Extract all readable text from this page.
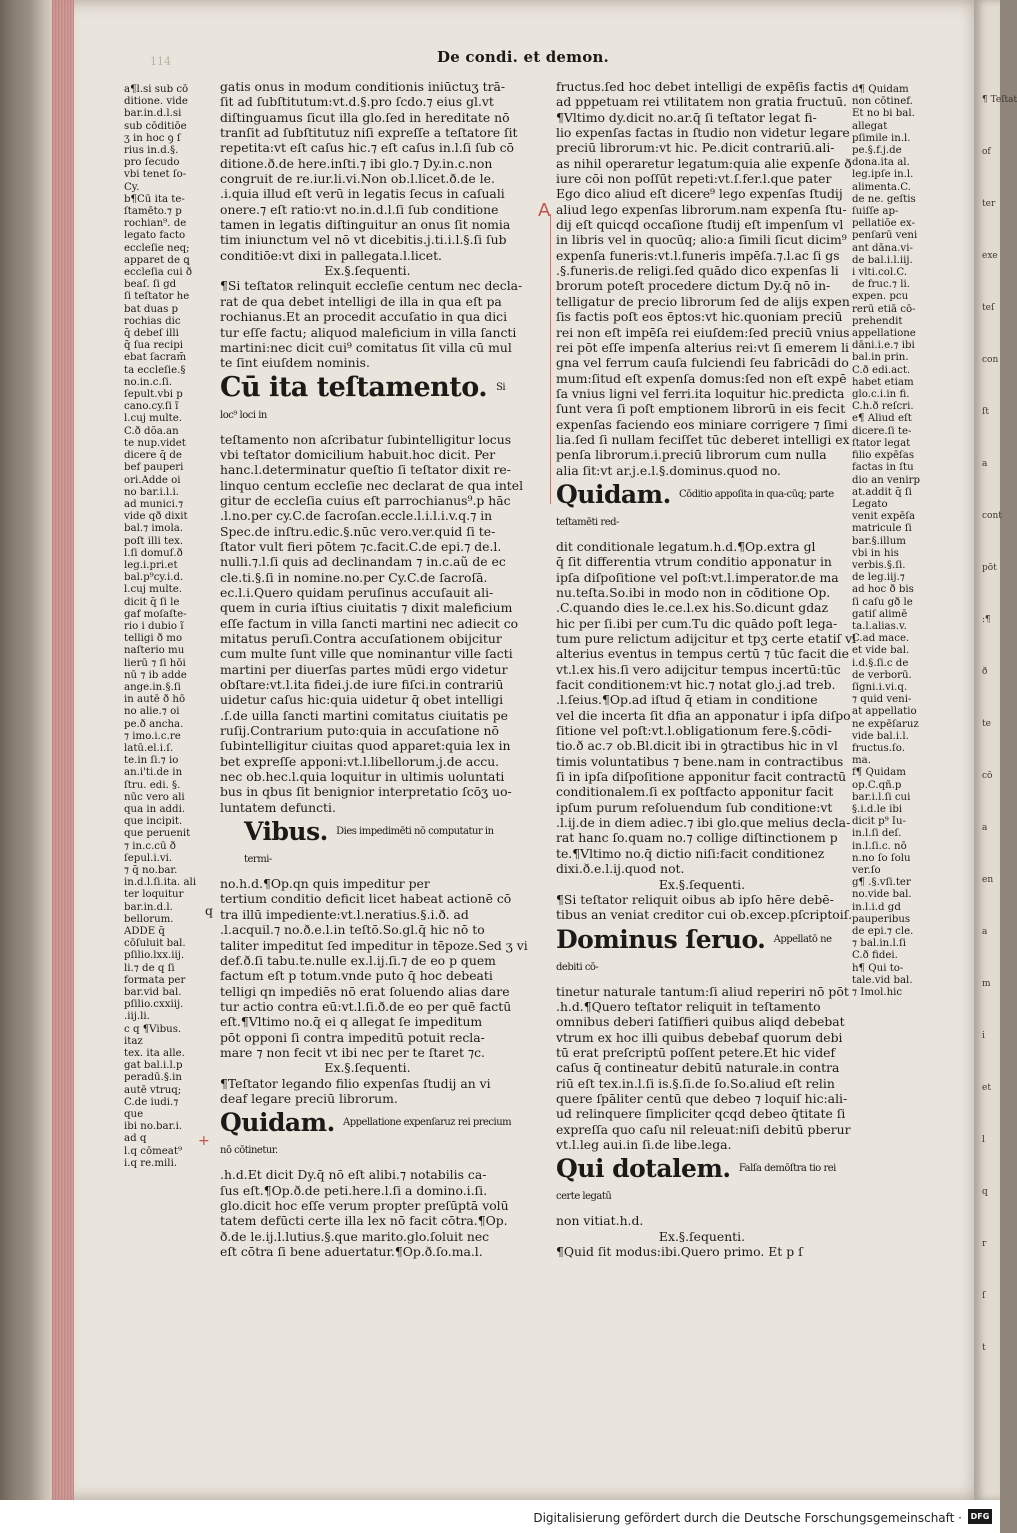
¶ Teſtat
of
ter
exe
teſ
con
ſt
a
cont
pōt
:¶
ð
te
cō
a
en
a
m
i
et
l
q
r
ſ
t
114	De condi. et demon.
a¶l.si sub cō
ditione. vide
bar.in.d.l.si
sub cōditiōe
ʒ in hoc ꝯ ſ
rius in.d.§.
pro ſecudo
vbi tenet ſo-
Cy.
b¶Cū ita te-
ſtamēto.⁊ p
rochian⁹. de
legato facto
eccleſie neq;
apparet de ꝗ
eccleſia cui ð
beaſ. ſi gd
ſi teſtator he
bat duas p
rochias dic
q̄ debeſ illi
q̄ ſua recipi
ebat ſacram̄
ta eccleſie.§
no.in.c.ſi.
ſepult.vbi p
cano.cy.ſi ĩ
l.cuj multe.
C.ð dõa.an
te nup.videt
dicere q̄ de
bef pauperi
ori.Adde oi
no bar.i.l.i.
ad munici.⁊
vide qð dixit
bal.⁊ imola.
poſt illi tex.
l.ſi domuſ.ð
leg.i.pri.et
bal.p⁹cy.i.d.
l.cuj multe.
dicit q̄ ſi le
gaf moſaſte-
rio i dubio ĩ
telligi ð mo
naſterio mu
lierū ⁊ ſi hōi
nū ⁊ ib adde
ange.in.§.ſi
in autē ð hō
no alie.⁊ oi
pe.ð ancha.
⁊ imo.i.c.re
latū.el.i.ſ.
te.in ſi.⁊ io
an.i'ti.de in
ſtru. edi. §.
nūc vero ali
qua in addi.
que incipit.
que peruenit
⁊ in.c.cū ð
ſepul.i.vi.
⁊ q̄ no.bar.
in.d.l.ſi.ita. ali
ter loquitur
bar.in.d.l.
bellorum.
ADDE q̄
cōſuluit bal.
pſilio.lxx.iij.
li.⁊ de q ſi
formata per
bar.vid bal.
pſilio.cxxiij.
.iij.li.
c q ¶Vibus.
itaz
tex. ita alle.
gat bal.i.l.p
peradū.§.in
autē vtruq;
C.de iudi.⁊
que
ibi no.bar.i.
ad q
l.q cōmeat⁹
i.q re.mili.
gatis onus in modum conditionis iniūctuʒ trā-
ſit ad ſubſtitutum:vt.d.§.pro ſcdo.⁊ eius gl.vt
diſtinguamus ſicut illa glo.ſed in hereditate nō
tranſit ad ſubſtitutuz niſi expreſſe a teſtatore ſit
repetita:vt eſt caſus hic.⁊ eſt caſus in.l.ſi ſub cō
ditione.ð.de here.inſti.⁊ ibi glo.⁊ Dy.in.c.non
congruit de re.iur.li.vi.Non ob.l.licet.ð.de le.
.i.quia illud eſt verū in legatis ſecus in caſuali
onere.⁊ eſt ratio:vt no.in.d.l.ſi ſub conditione
tamen in legatis diſtinguitur an onus ſit nomia
tim iniunctum vel nō vt dicebitis.j.ti.i.l.§.ſi ſub
conditiōe:vt dixi in pallegata.l.licet.
Ex.§.ſequenti.
¶Si teſtatoʀ relinquit eccleſie centum nec decla-
rat de qua debet intelligi de illa in qua eſt pa
rochianus.Et an procedit accuſatio in qua dici
tur eſſe factu; aliquod maleficium in villa ſancti
martini:nec dicit cui⁹ comitatus ſit villa cū mul
te ſint eiuſdem nominis.
Cū ita teſtamento. $^{Si loc^9 loci in}$
teſtamento non aſcribatur ſubintelligitur locus
vbi teſtator domicilium habuit.hoc dicit. Per
hanc.l.determinatur queſtio ſi teſtator dixit re-
linquo centum eccleſie nec declarat de qua intel
gitur de eccleſia cuius eſt parrochianus⁹.p hāc
.l.no.per cy.C.de ſacroſan.eccle.l.i.l.i.v.q.⁊ in
Spec.de inſtru.edic.§.nūc vero.ver.quid ſi te-
ſtator vult fieri pōtem ⁊c.facit.C.de epi.⁊ de.l.
nulli.⁊.l.ſi quis ad declinandam ⁊ in.c.aũ de ec
cle.ti.§.ſi in nomine.no.per Cy.C.de ſacroſā.
ec.l.i.Quero quidam peruſinus accuſauit ali-
quem in curia iſtius ciuitatis ⁊ dixit maleficium
eſſe factum in villa ſancti martini nec adiecit co
mitatus peruſi.Contra accuſationem obijcitur
cum multe ſunt ville que nominantur ville ſacti
martini per diuerſas partes mūdi ergo videtur
obſtare:vt.l.ita fidei.j.de iure fiſci.in contrariū
uidetur caſus hic:quia uidetur q̄ obet intelligi
.ſ.de uilla ſancti martini comitatus ciuitatis pe
ruſij.Contrarium puto:quia in accuſatione nō
ſubintelligitur ciuitas quod apparet:quia lex in
bet expreſſe apponi:vt.l.libellorum.j.de accu.
nec ob.hec.l.quia loquitur in ultimis uoluntati
bus in qbus ſit benignior interpretatio ſcōʒ uo-
luntatem defuncti.
Vibus. $^{Dies impedimēti nō computatur in termi-}$
no.h.d.¶Op.qn quis impeditur per
tertium conditio deficit licet habeat actionē cō
tra illū impediente:vt.l.neratius.§.i.ð. ad
.l.acquil.⁊ no.ð.e.l.in teſtō.So.gl.q̄ hic nō to
taliter impeditut ſed impeditur in tēpoze.Sed ʒ vi
def.ð.ſi tabu.te.nulle ex.l.ij.ſi.⁊ de eo p quem
factum eſt p totum.vnde puto q̄ hoc debeati
telligi qn impediēs nō erat ſoluendo alias dare
tur actio contra eū:vt.l.ſi.ð.de eo per quē factū
eſt.¶Vltimo no.q̄ ei q allegat ſe impeditum
pōt opponi ſi contra impeditū potuit recla-
mare ⁊ non fecit vt ibi nec per te ſtaret ⁊c.
Ex.§.ſequenti.
¶Teſtator legando filio expenſas ſtudij an vi
deaf legare preciū librorum.
Quidam. $^{Appellatione expenſaruz rei precium nō cōtinetur.}$
.h.d.Et dicit Dy.q̄ nō eſt alibi.⁊ notabilis ca-
ſus eſt.¶Op.ð.de peti.here.l.ſi a domino.i.ſi.
glo.dicit hoc eſſe verum propter preſūptā volū
tatem defūcti certe illa lex nō facit cōtra.¶Op.
ð.de le.ij.l.lutius.§.que marito.glo.ſoluit nec
eſt cōtra ſi bene aduertatur.¶Op.ð.ſo.ma.l.
q
fructus.ſed hoc debet intelligi de expēſis factis
ad pppetuam rei vtilitatem non gratia fructuū.
¶Vltimo dy.dicit no.ar.q̄ ſi teſtator legat fi-
lio expenſas factas in ſtudio non videtur legare
preciū librorum:vt hic. Pe.dicit contrariū.ali-
as nihil operaretur legatum:quia alie expenſe ð
iure cōi non poſſūt repeti:vt.ſ.fer.l.que pater
Ego dico aliud eſt dicere⁹ lego expenſas ſtudij
aliud lego expenſas librorum.nam expenſa ſtu-
dij eſt quicqd occaſione ſtudij eſt impenſum vl
in libris vel in quocūq; alio:a ſimili ſicut dicim⁹
expenſa funeris:vt.l.funeris impēſa.⁊.l.ac ſi gs
.§.funeris.de religi.ſed quādo dico expenſas li
brorum poteſt procedere dictum Dy.q̄ nō in-
telligatur de precio librorum ſed de alijs expen
ſis factis poſt eos ēptos:vt hic.quoniam preciū
rei non eſt impēſa rei eiuſdem:ſed preciū vnius
rei pōt eſſe impenſa alterius rei:vt ſi emerem li
gna vel ferrum cauſa fulciendi ſeu fabricādi do
mum:ſitud eſt expenſa domus:ſed non eſt expē
ſa vnius ligni vel ferri.ita loquitur hic.predicta
ſunt vera ſi poſt emptionem librorū in eis fecit
expenſas faciendo eos miniare corrigere ⁊ ſimi
lia.ſed ſi nullam feciſſet tūc deberet intelligi ex
penſa librorum.i.preciū librorum cum nulla
alia ſit:vt ar.j.e.l.§.dominus.quod no.
Quidam. $^{Cōditio appoſita in qua-cūq; parte teſtamēti red-}$
dit conditionale legatum.h.d.¶Op.extra gl
q̄ ſit differentia vtrum conditio apponatur in
ipſa diſpoſitione vel poſt:vt.l.imperator.de ma
nu.teſta.So.ibi in modo non in cōditione Op.
.C.quando dies le.ce.l.ex his.So.dicunt gdaz
hic per ſi.ibi per cum.Tu dic quādo poſt lega-
tum pure relictum adijcitur et tpʒ certe etatiſ vl
alterius eventus in tempus certū ⁊ tūc facit die
vt.l.ex his.ſi vero adijcitur tempus incertū:tūc
facit conditionem:vt hic.⁊ notat glo.j.ad treb.
.l.ſeius.¶Op.ad iſtud q̄ etiam in conditione
vel die incerta ſit dfia an apponatur i ipſa diſpo
ſitione vel poſt:vt.l.obligationum fere.§.cōdi-
tio.ð ac.⁊ ob.Bl.dicit ibi in ꝯtractibus hic in vl
timis voluntatibus ⁊ bene.nam in contractibus
ſi in ipſa diſpoſitione apponitur facit contractū
conditionalem.ſi ex poſtfacto apponitur facit
ipſum purum reſoluendum ſub conditione:vt
.l.ij.de in diem adiec.⁊ ibi glo.que melius decla-
rat hanc ſo.quam no.⁊ collige diſtinctionem p
te.¶Vltimo no.q̄ dictio niſi:facit conditionez
dixi.ð.e.l.ij.quod not.
Ex.§.ſequenti.
¶Si teſtator reliquit oibus ab ipſo hēre debē-
tibus an veniat creditor cui ob.excep.pſcriptoiſ.
Dominus ſeruo. $^{Appellatō ne debiti cō-}$
tinetur naturale tantum:ſi aliud reperiri nō pōt
.h.d.¶Quero teſtator reliquit in teſtamento
omnibus deberi ſatiſfieri quibus aliqd debebat
vtrum ex hoc illi quibus debebaf quorum debi
tū erat preſcriptū poſſent petere.Et hic videf
caſus q̄ contineatur debitū naturale.in contra
riū eſt tex.in.l.ſi is.§.ſi.de ſo.So.aliud eſt relin
quere ſpāliter centū que debeo ⁊ loquiſ hic:ali-
ud relinquere ſimpliciter qcqd debeo q̄titate ſi
expreſſa quo caſu nil releuat:niſi debitū pberur
vt.l.leg aui.in ſi.de libe.lega.
Qui dotalem. $^{Falſa demōſtra tio rei certe legatū}$
non vitiat.h.d.
Ex.§.ſequenti.
¶Quid ſit modus:ibi.Quero primo. Et p ſ
d¶ Quidam
non cōtinef.
Et no bi bal.
allegat
pſimile in.l.
pe.§.f.j.de
dona.ita al.
leg.ipſe in.l.
alimenta.C.
de ne. geſtis
ſuiſſe ap-
pellatiōe ex-
penſarū veni
ant dāna.vi-
de bal.i.l.iij.
i vlti.col.C.
de fruc.⁊ li.
expen. pcu
rerū etiā cō-
prehendit
appellatione
dāni.i.e.⁊ ibi
bal.in prin.
C.ð edi.act.
habet etiam
glo.c.i.in fi.
C.h.ð reſcri.
e¶ Aliud eſt
dicere.ſi te-
ſtator legat
filio expēſas
factas in ſtu
dio an venirp
at.addit q̄ ſi
Legato
venit expēſa
matricule ſi
bar.§.illum
vbi in his
verbis.§.ſi.
de leg.iij.⁊
ad hoc ð bis
ſi caſu gð le
gatiſ alimē
ta.l.alias.v.
C.ad mace.
et vide bal.
i.d.§.ſi.c de
de verborū.
ſigni.i.vi.q.
⁊ quid veni-
at appellatio
ne expēſaruz
vide bal.i.l.
fructus.ſo.
ma.
f¶ Quidam
op.C.qñ.p
bar.i.l.ſi cui
§.i.d.le ibi
dicit p⁹ Iu-
in.l.ſi deſ.
in.l.ſi.c. nō
n.no ſo ſolu
ver.ſo
g¶ .§.vſi.ter
no.vide bal.
in.l.i.d gd
pauperibus
de epi.⁊ cle.
⁊ bal.in.l.ſi
C.ð fidei.
h¶ Qui to-
tale.vid bal.
⁊ Imol.hic
A
+
Digitalisierung gefördert durch die Deutsche Forschungsgemeinschaft ·	DFG
